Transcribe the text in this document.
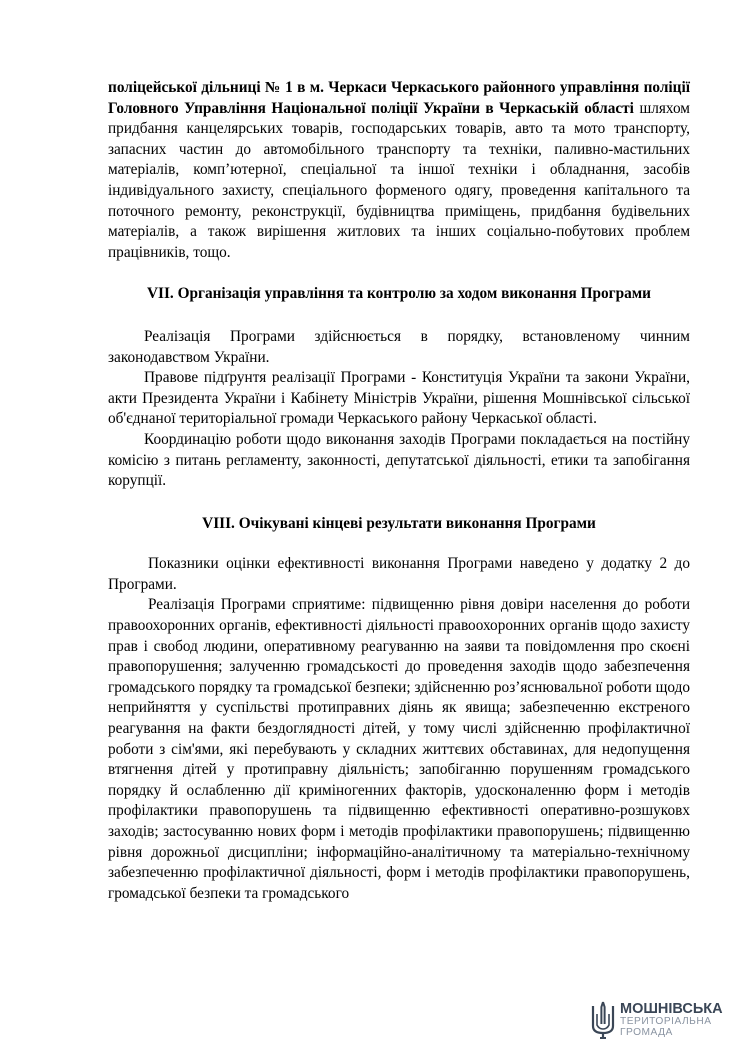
поліцейської дільниці № 1 в м. Черкаси Черкаського районного управління поліції Головного Управління Національної поліції України в Черкаській області шляхом придбання канцелярських товарів, господарських товарів, авто та мото транспорту, запасних частин до автомобільного транспорту та техніки, паливно-мастильних матеріалів, комп’ютерної, спеціальної та іншої техніки і обладнання, засобів індивідуального захисту, спеціального форменого одягу, проведення капітального та поточного ремонту, реконструкції, будівництва приміщень, придбання будівельних матеріалів, а також вирішення житлових та інших соціально-побутових проблем працівників, тощо.

VII. Організація управління та контролю за ходом виконання Програми

Реалізація Програми здійснюється в порядку, встановленому чинним законодавством України.

Правове підґрунтя реалізації Програми - Конституція України та закони України, акти Президента України і Кабінету Міністрів України, рішення Мошнівської сільської об'єднаної територіальної громади Черкаського району Черкаської області.

Координацію роботи щодо виконання заходів Програми покладається на постійну комісію з питань регламенту, законності, депутатської діяльності, етики та запобігання корупції.

VIII. Очікувані кінцеві результати виконання Програми

Показники оцінки ефективності виконання Програми наведено у додатку 2 до Програми.

Реалізація Програми сприятиме: підвищенню рівня довіри населення до роботи правоохоронних органів, ефективності діяльності правоохоронних органів щодо захисту прав і свобод людини, оперативному реагуванню на заяви та повідомлення про скоєні правопорушення; залученню громадськості до проведення заходів щодо забезпечення громадського порядку та громадської безпеки; здійсненню роз’яснювальної роботи щодо неприйняття у суспільстві протиправних діянь як явища; забезпеченню екстреного реагування на факти бездоглядності дітей, у тому числі здійсненню профілактичної роботи з сім'ями, які перебувають у складних життєвих обставинах, для недопущення втягнення дітей у протиправну діяльність; запобіганню порушенням громадського порядку й ослабленню дії криміногенних факторів, удосконаленню форм і методів профілактики правопорушень та підвищенню ефективності оперативно-розшуковх заходів; застосуванню нових форм і методів профілактики правопорушень; підвищенню рівня дорожньої дисципліни; інформаційно-аналітичному та матеріально-технічному забезпеченню профілактичної діяльності, форм і методів профілактики правопорушень, громадської безпеки та громадського

МОШНІВСЬКА
ТЕРИТОРІАЛЬНА
ГРОМАДА
